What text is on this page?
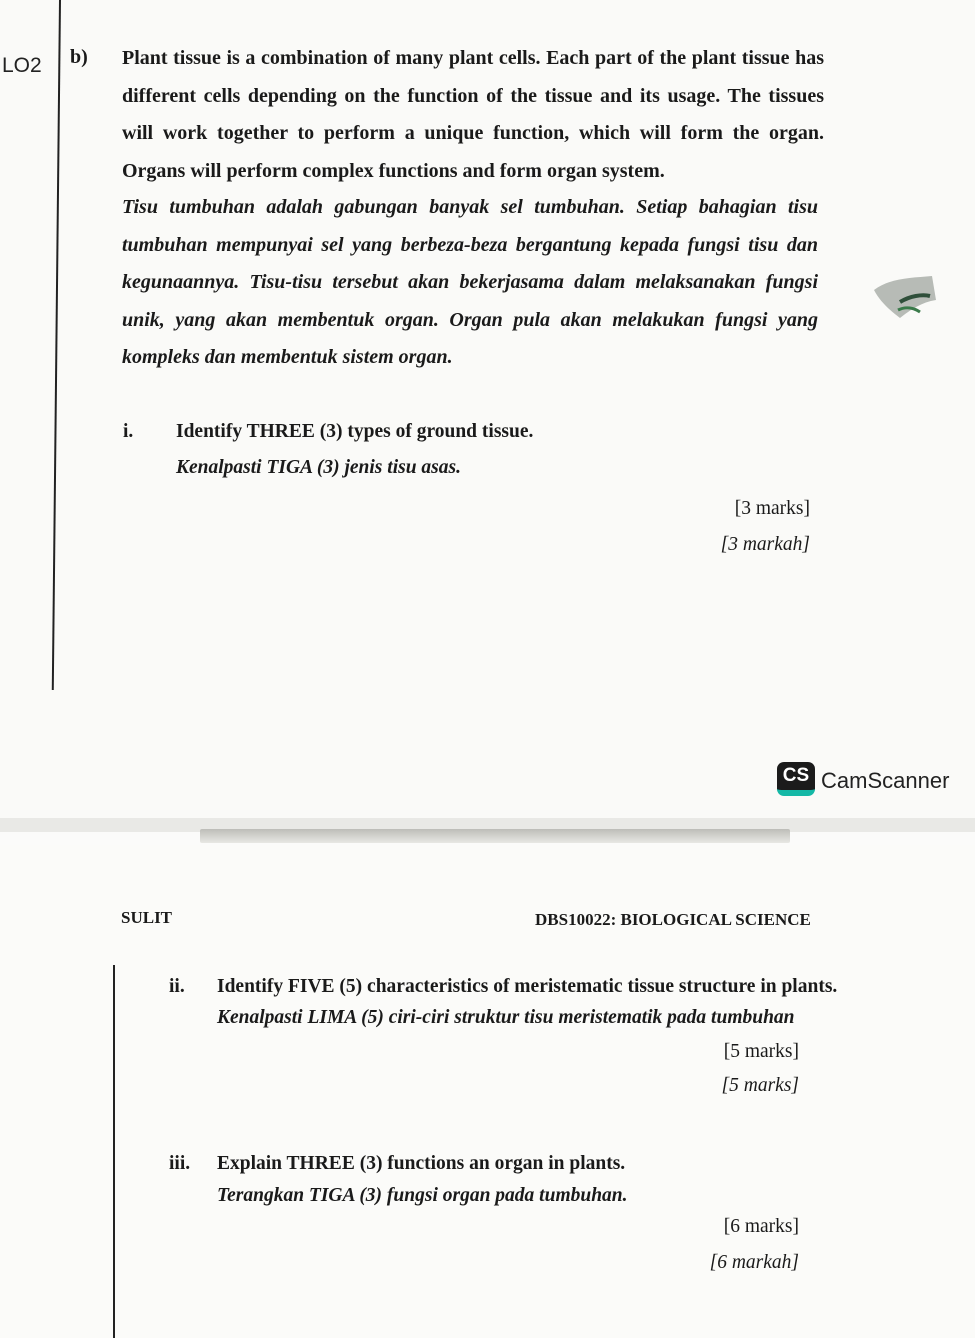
LO2 b) Plant tissue is a combination of many plant cells. Each part of the plant tissue has different cells depending on the function of the tissue and its usage. The tissues will work together to perform a unique function, which will form the organ. Organs will perform complex functions and form organ system.
Tisu tumbuhan adalah gabungan banyak sel tumbuhan. Setiap bahagian tisu tumbuhan mempunyai sel yang berbeza-beza bergantung kepada fungsi tisu dan kegunaannya. Tisu-tisu tersebut akan bekerjasama dalam melaksanakan fungsi unik, yang akan membentuk organ. Organ pula akan melakukan fungsi yang kompleks dan membentuk sistem organ.
i. Identify THREE (3) types of ground tissue.
Kenalpasti TIGA (3) jenis tisu asas.
[3 marks]
[3 markah]
CS CamScanner
SULIT	DBS10022: BIOLOGICAL SCIENCE
ii. Identify FIVE (5) characteristics of meristematic tissue structure in plants.
Kenalpasti LIMA (5) ciri-ciri struktur tisu meristematik pada tumbuhan
[5 marks]
[5 marks]
iii. Explain THREE (3) functions an organ in plants.
Terangkan TIGA (3) fungsi organ pada tumbuhan.
[6 marks]
[6 markah]
